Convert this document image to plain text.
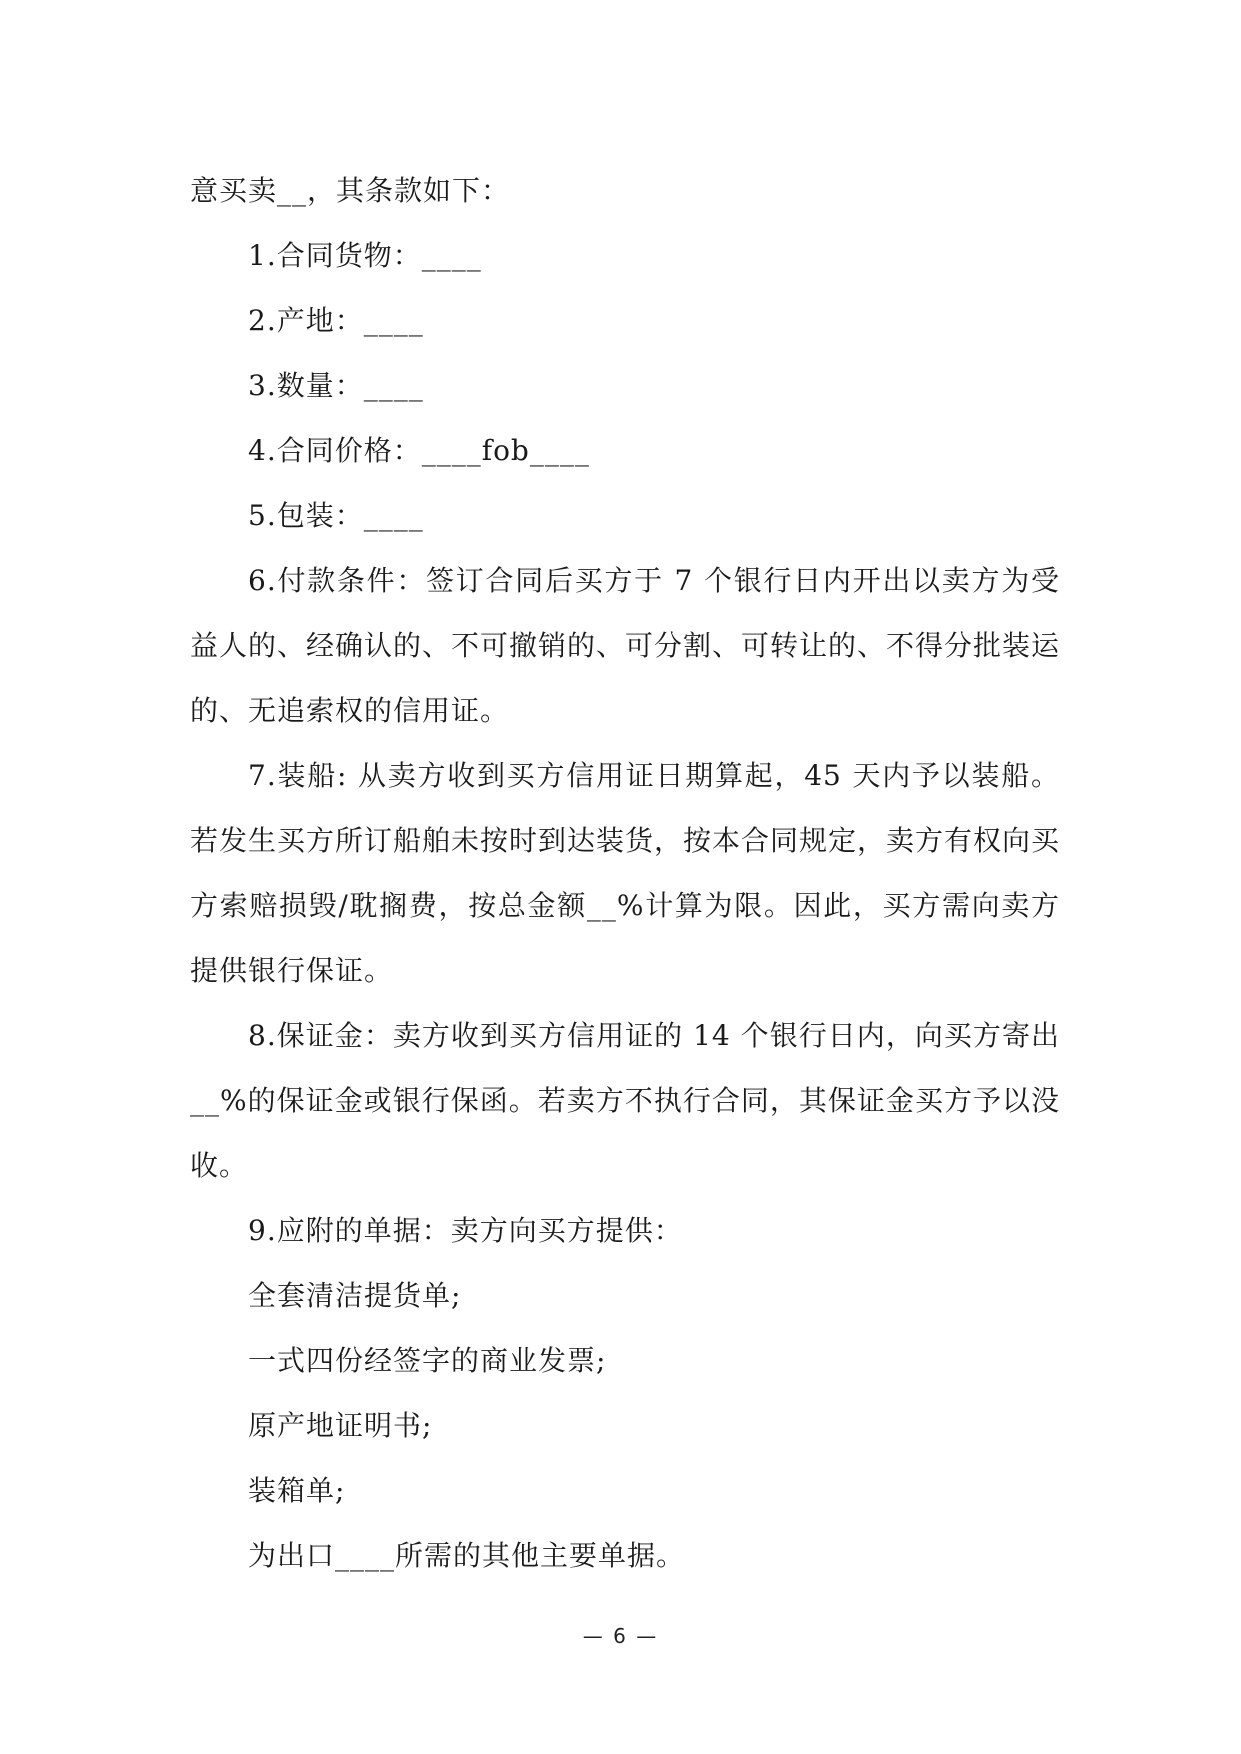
意买卖__，其条款如下：

1.合同货物：____

2.产地：____

3.数量：____

4.合同价格：____fob____

5.包装：____

6.付款条件：签订合同后买方于 7 个银行日内开出以卖方为受益人的、经确认的、不可撤销的、可分割、可转让的、不得分批装运的、无追索权的信用证。

7.装船: 从卖方收到买方信用证日期算起，45 天内予以装船。若发生买方所订船舶未按时到达装货，按本合同规定，卖方有权向买方索赔损毁/耽搁费，按总金额__%计算为限。因此，买方需向卖方提供银行保证。

8.保证金：卖方收到买方信用证的 14 个银行日内，向买方寄出__%的保证金或银行保函。若卖方不执行合同，其保证金买方予以没收。

9.应附的单据：卖方向买方提供：

全套清洁提货单;

一式四份经签字的商业发票;

原产地证明书;

装箱单;

为出口____所需的其他主要单据。

— 6 —
